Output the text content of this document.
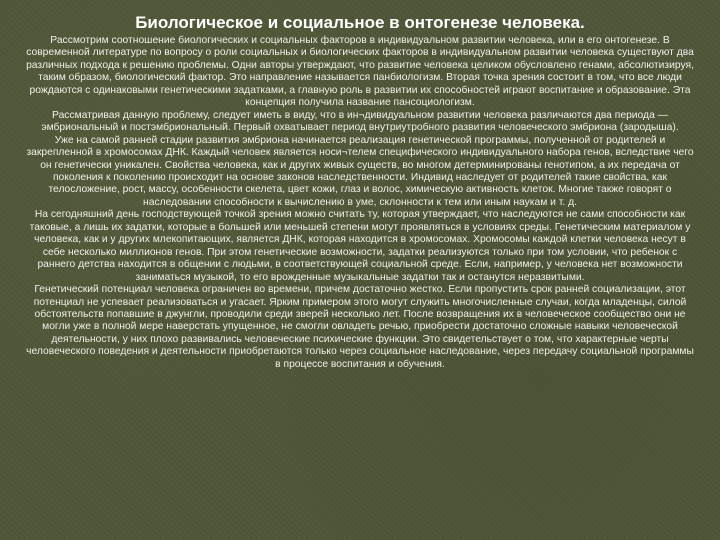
Биологическое и социальное в онтогенезе человека.

Рассмотрим соотношение биологических и социальных факторов в индивидуальном развитии человека, или в его онтогенезе. В современной литературе по вопросу о роли социальных и биологических факторов в индивидуальном развитии человека существуют два различных подхода к решению проблемы. Одни авторы утверждают, что развитие человека целиком обусловлено генами, абсолютизируя, таким образом, биологический фактор. Это направление называется панбиологизм. Вторая точка зрения состоит в том, что все люди рождаются с одинаковыми генетическими задатками, а главную роль в развитии их способностей играют воспитание и образование. Эта концепция получила название пансоциологизм.

Рассматривая данную проблему, следует иметь в виду, что в ин¬дивидуальном развитии человека различаются два периода — эмбриональный и постэмбриональный. Первый охватывает период внутриутробного развития человеческого эмбриона (зародыша).

Уже на самой ранней стадии развития эмбриона начинается реализация генетической программы, полученной от родителей и закрепленной в хромосомах ДНК. Каждый человек является носи¬телем специфического индивидуального набора генов, вследствие чего он генетически уникален. Свойства человека, как и других живых существ, во многом детерминированы генотипом, а их передача от поколения к поколению происходит на основе законов наследственности. Индивид наследует от родителей такие свойства, как телосложение, рост, массу, особенности скелета, цвет кожи, глаз и волос, химическую активность клеток. Многие также говорят о наследовании способности к вычислению в уме, склонности к тем или иным наукам и т. д.

На сегодняшний день господствующей точкой зрения можно считать ту, которая утверждает, что наследуются не сами способности как таковые, а лишь их задатки, которые в большей или меньшей степени могут проявляться в условиях среды. Генетическим материалом у человека, как и у других млекопитающих, является ДНК, которая находится в хромосомах. Хромосомы каждой клетки человека несут в себе несколько миллионов генов. При этом генетические возможности, задатки реализуются только при том условии, что ребенок с раннего детства находится в общении с людьми, в соответствующей социальной среде. Если, например, у человека нет возможности заниматься музыкой, то его врожденные музыкальные задатки так и останутся неразвитыми.

Генетический потенциал человека ограничен во времени, причем достаточно жестко. Если пропустить срок ранней социализации, этот потенциал не успевает реализоваться и угасает. Ярким примером этого могут служить многочисленные случаи, когда младенцы, силой обстоятельств попавшие в джунгли, проводили среди зверей несколько лет. После возвращения их в человеческое сообщество они не могли уже в полной мере наверстать упущенное, не смогли овладеть речью, приобрести достаточно сложные навыки человеческой деятельности, у них плохо развивались человеческие психические функции. Это свидетельствует о том, что характерные черты человеческого поведения и деятельности приобретаются только через социальное наследование, через передачу социальной программы в процессе воспитания и обучения.
